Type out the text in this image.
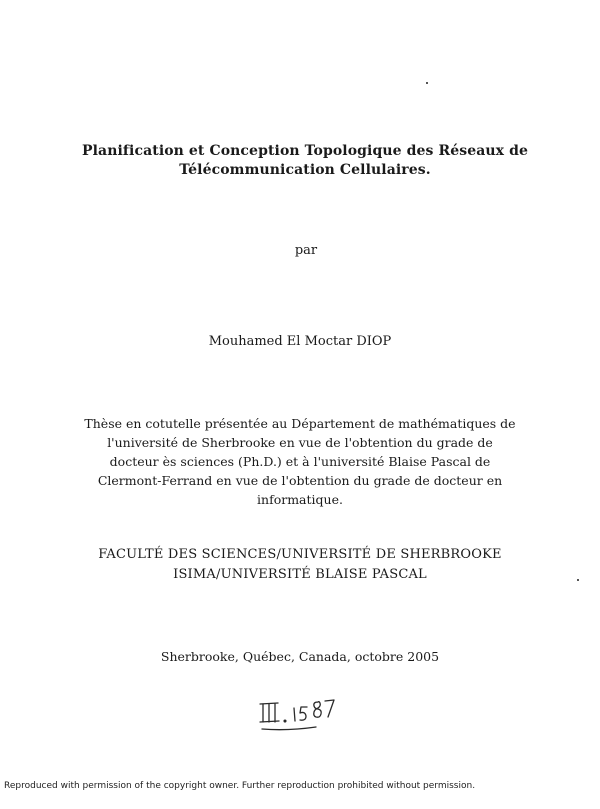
Planification et Conception Topologique des Réseaux de
Télécommunication Cellulaires.
par
Mouhamed El Moctar DIOP
Thèse en cotutelle présentée au Département de mathématiques de l'université de Sherbrooke en vue de l'obtention du grade de docteur ès sciences (Ph.D.) et à l'université Blaise Pascal de Clermont-Ferrand en vue de l'obtention du grade de docteur en informatique.
FACULTÉ DES SCIENCES/UNIVERSITÉ DE SHERBROOKE
ISIMA/UNIVERSITÉ BLAISE PASCAL
Sherbrooke, Québec, Canada, octobre 2005
Reproduced with permission of the copyright owner. Further reproduction prohibited without permission.
